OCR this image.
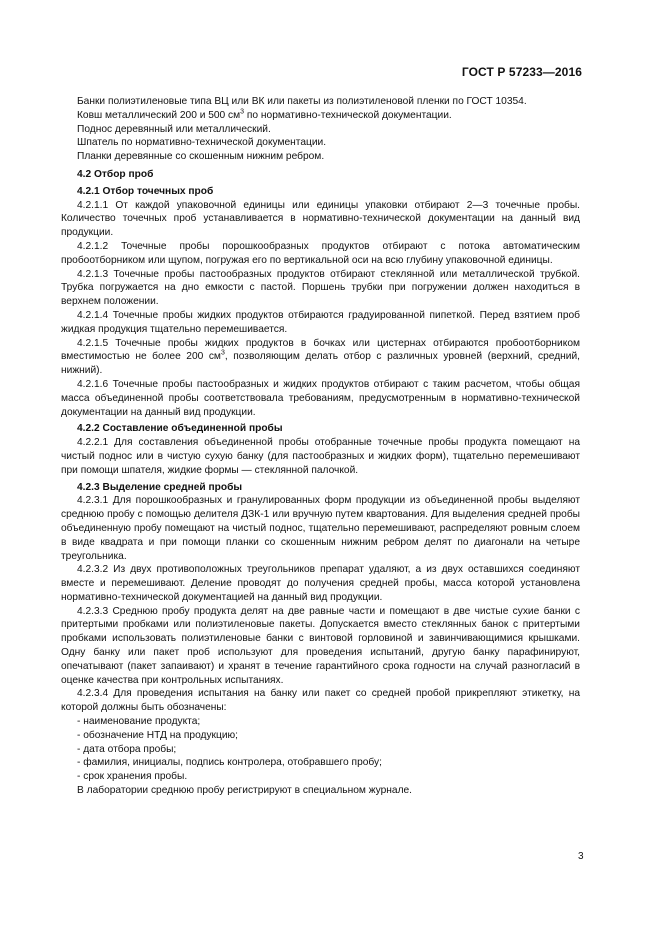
ГОСТ Р 57233—2016

Банки полиэтиленовые типа ВЦ или ВК или пакеты из полиэтиленовой пленки по ГОСТ 10354.

Ковш металлический 200 и 500 $см^3$ по нормативно-технической документации.

Поднос деревянный или металлический.

Шпатель по нормативно-технической документации.

Планки деревянные со скошенным нижним ребром.

4.2 Отбор проб

4.2.1 Отбор точечных проб

4.2.1.1 От каждой упаковочной единицы или единицы упаковки отбирают 2—3 точечные пробы. Количество точечных проб устанавливается в нормативно-технической документации на данный вид продукции.

4.2.1.2 Точечные пробы порошкообразных продуктов отбирают с потока автоматическим пробоотборником или щупом, погружая его по вертикальной оси на всю глубину упаковочной единицы.

4.2.1.3 Точечные пробы пастообразных продуктов отбирают стеклянной или металлической трубкой. Трубка погружается на дно емкости с пастой. Поршень трубки при погружении должен находиться в верхнем положении.

4.2.1.4 Точечные пробы жидких продуктов отбираются градуированной пипеткой. Перед взятием проб жидкая продукция тщательно перемешивается.

4.2.1.5 Точечные пробы жидких продуктов в бочках или цистернах отбираются пробоотборником вместимостью не более 200 $см^3$, позволяющим делать отбор с различных уровней (верхний, средний, нижний).

4.2.1.6 Точечные пробы пастообразных и жидких продуктов отбирают с таким расчетом, чтобы общая масса объединенной пробы соответствовала требованиям, предусмотренным в нормативно-технической документации на данный вид продукции.

4.2.2 Составление объединенной пробы

4.2.2.1 Для составления объединенной пробы отобранные точечные пробы продукта помещают на чистый поднос или в чистую сухую банку (для пастообразных и жидких форм), тщательно перемешивают при помощи шпателя, жидкие формы — стеклянной палочкой.

4.2.3 Выделение средней пробы

4.2.3.1 Для порошкообразных и гранулированных форм продукции из объединенной пробы выделяют среднюю пробу с помощью делителя ДЗК-1 или вручную путем квартования. Для выделения средней пробы объединенную пробу помещают на чистый поднос, тщательно перемешивают, распределяют ровным слоем в виде квадрата и при помощи планки со скошенным нижним ребром делят по диагонали на четыре треугольника.

4.2.3.2 Из двух противоположных треугольников препарат удаляют, а из двух оставшихся соединяют вместе и перемешивают. Деление проводят до получения средней пробы, масса которой установлена нормативно-технической документацией на данный вид продукции.

4.2.3.3 Среднюю пробу продукта делят на две равные части и помещают в две чистые сухие банки с притертыми пробками или полиэтиленовые пакеты. Допускается вместо стеклянных банок с притертыми пробками использовать полиэтиленовые банки с винтовой горловиной и завинчивающимися крышками. Одну банку или пакет проб используют для проведения испытаний, другую банку парафинируют, опечатывают (пакет запаивают) и хранят в течение гарантийного срока годности на случай разногласий в оценке качества при контрольных испытаниях.

4.2.3.4 Для проведения испытания на банку или пакет со средней пробой прикрепляют этикетку, на которой должны быть обозначены:

- наименование продукта;

- обозначение НТД на продукцию;

- дата отбора пробы;

- фамилия, инициалы, подпись контролера, отобравшего пробу;

- срок хранения пробы.

В лаборатории среднюю пробу регистрируют в специальном журнале.

3
